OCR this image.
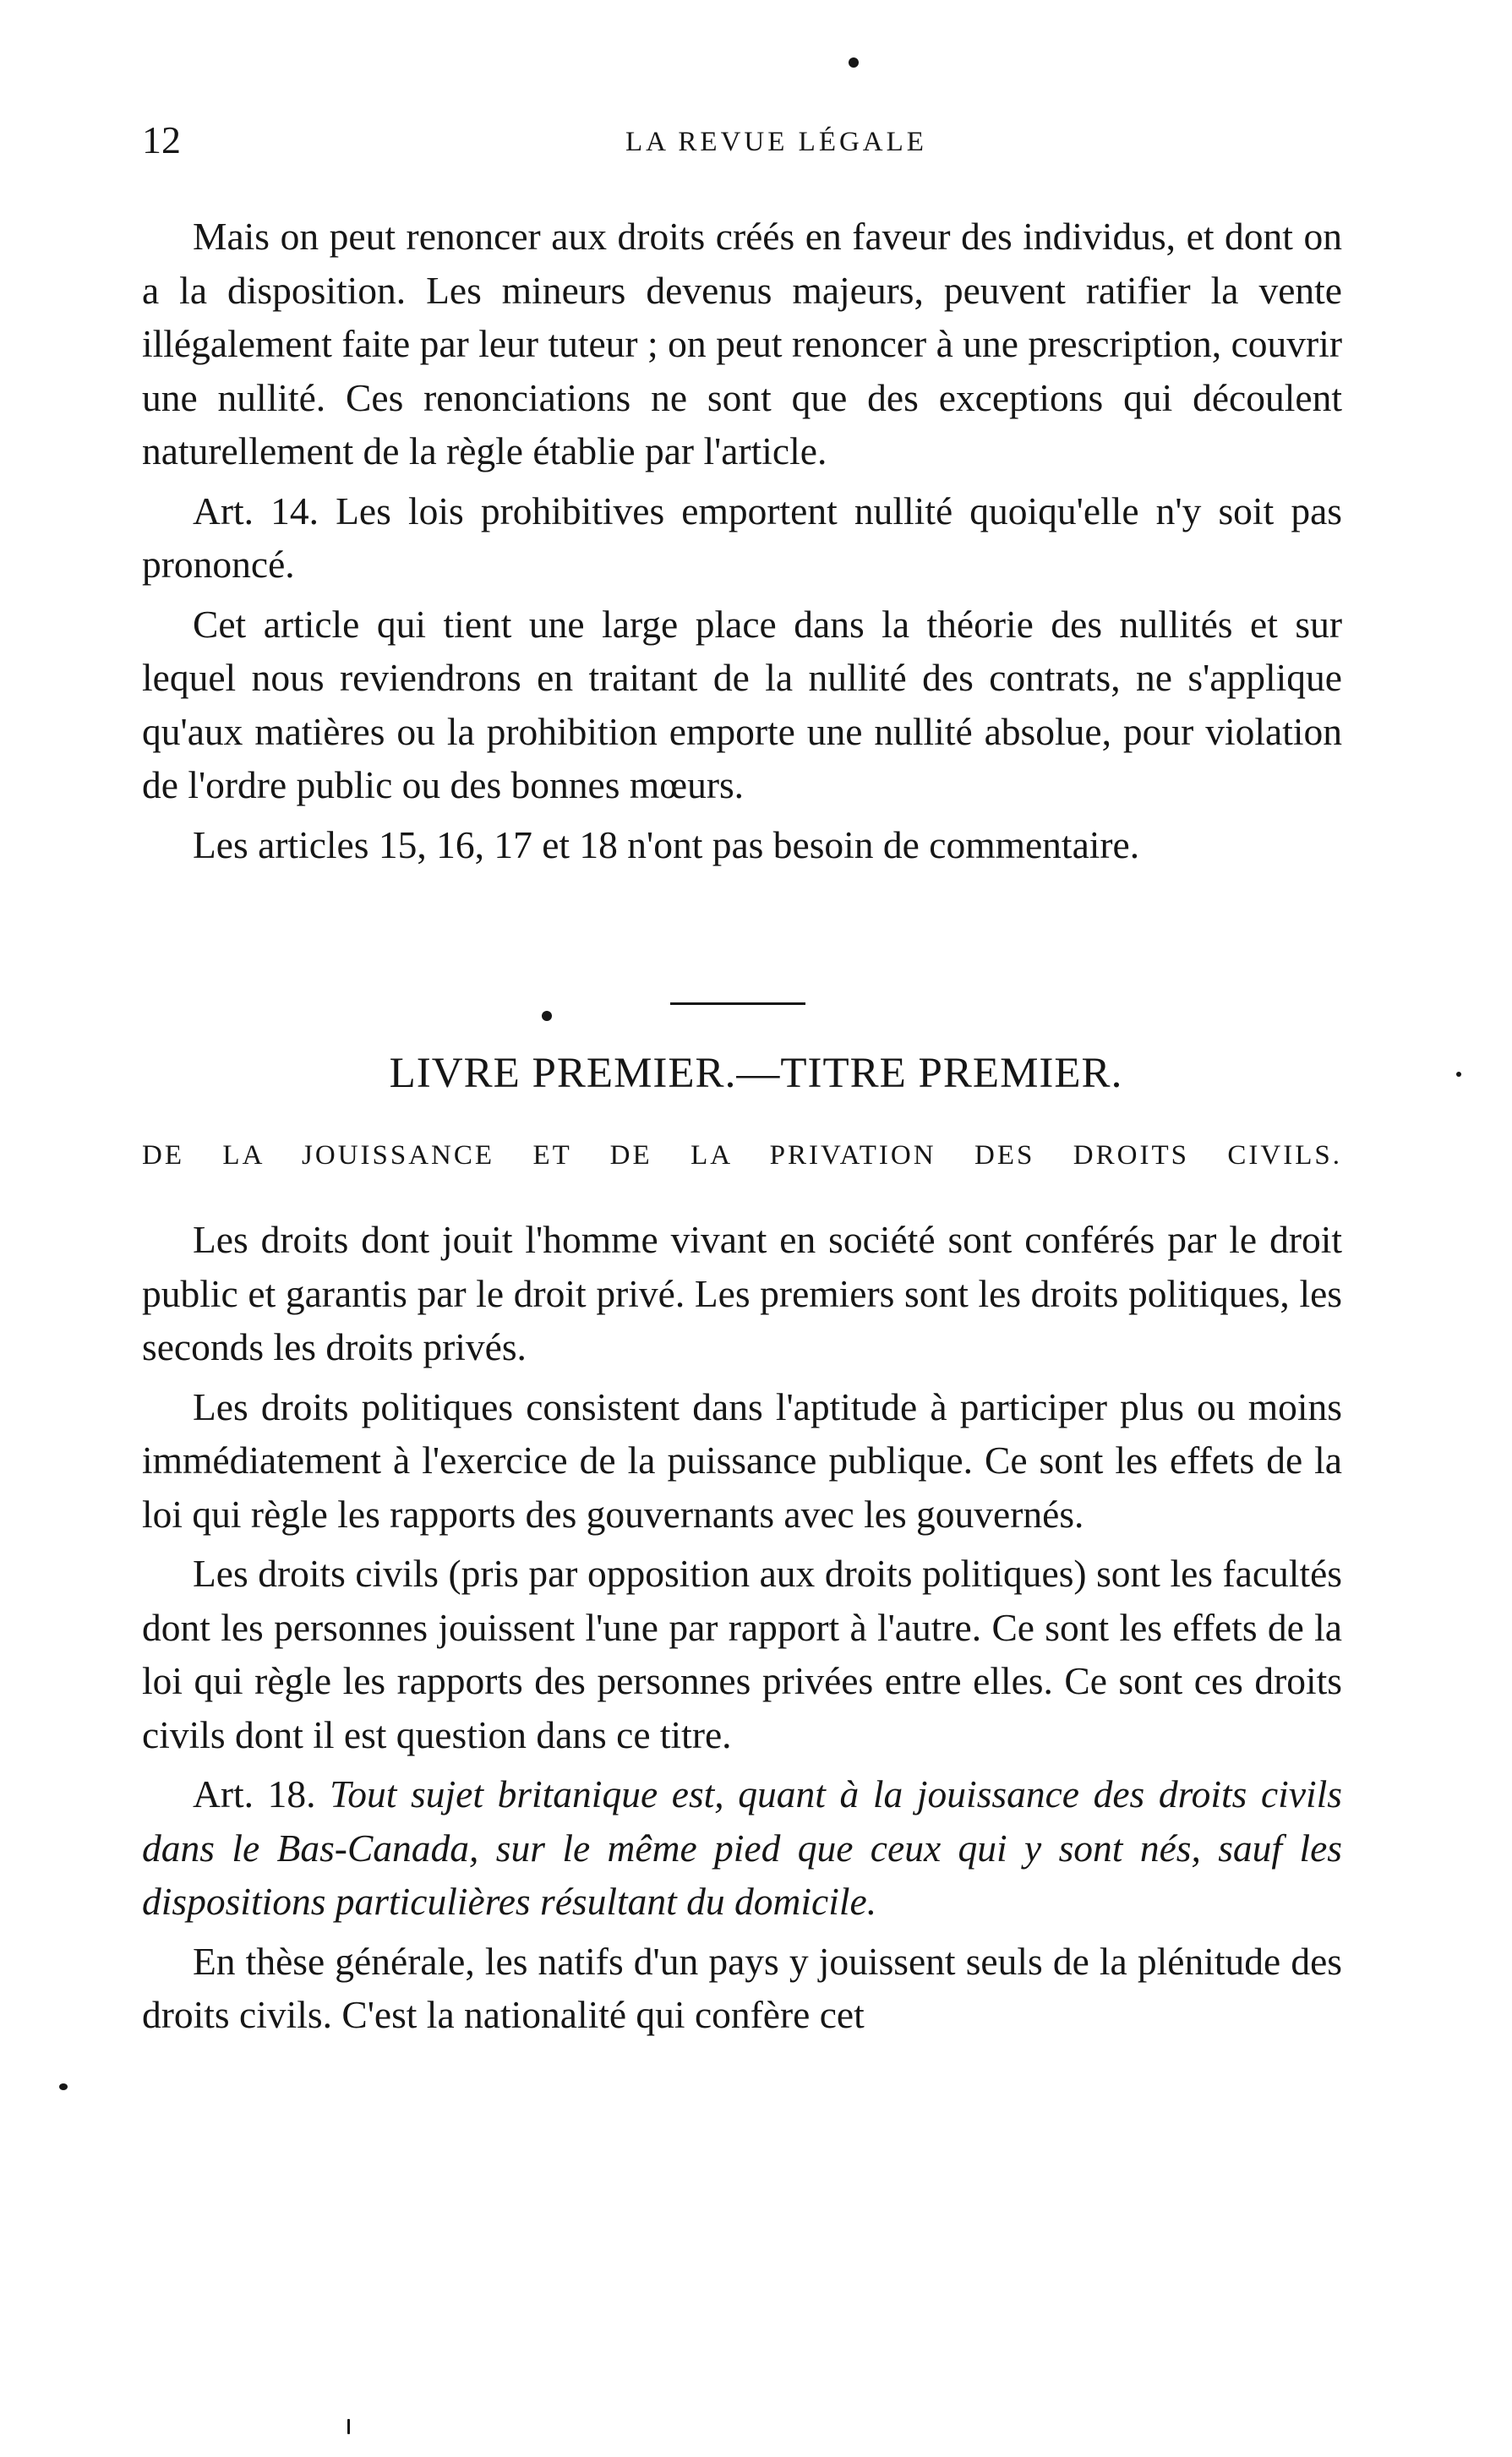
12	LA REVUE LÉGALE

Mais on peut renoncer aux droits créés en faveur des individus, et dont on a la disposition. Les mineurs devenus majeurs, peuvent ratifier la vente illégalement faite par leur tuteur ; on peut renoncer à une prescription, couvrir une nullité. Ces renonciations ne sont que des exceptions qui découlent naturellement de la règle établie par l'article.

Art. 14. Les lois prohibitives emportent nullité quoiqu'elle n'y soit pas prononcé.

Cet article qui tient une large place dans la théorie des nullités et sur lequel nous reviendrons en traitant de la nullité des contrats, ne s'applique qu'aux matières ou la prohibition emporte une nullité absolue, pour violation de l'ordre public ou des bonnes mœurs.

Les articles 15, 16, 17 et 18 n'ont pas besoin de commentaire.

LIVRE PREMIER.—TITRE PREMIER.
DE LA JOUISSANCE ET DE LA PRIVATION DES DROITS CIVILS.

Les droits dont jouit l'homme vivant en société sont conférés par le droit public et garantis par le droit privé. Les premiers sont les droits politiques, les seconds les droits privés.

Les droits politiques consistent dans l'aptitude à participer plus ou moins immédiatement à l'exercice de la puissance publique. Ce sont les effets de la loi qui règle les rapports des gouvernants avec les gouvernés.

Les droits civils (pris par opposition aux droits politiques) sont les facultés dont les personnes jouissent l'une par rapport à l'autre. Ce sont les effets de la loi qui règle les rapports des personnes privées entre elles. Ce sont ces droits civils dont il est question dans ce titre.

Art. 18. Tout sujet britanique est, quant à la jouissance des droits civils dans le Bas-Canada, sur le même pied que ceux qui y sont nés, sauf les dispositions particulières résultant du domicile.

En thèse générale, les natifs d'un pays y jouissent seuls de la plénitude des droits civils. C'est la nationalité qui confère cet
